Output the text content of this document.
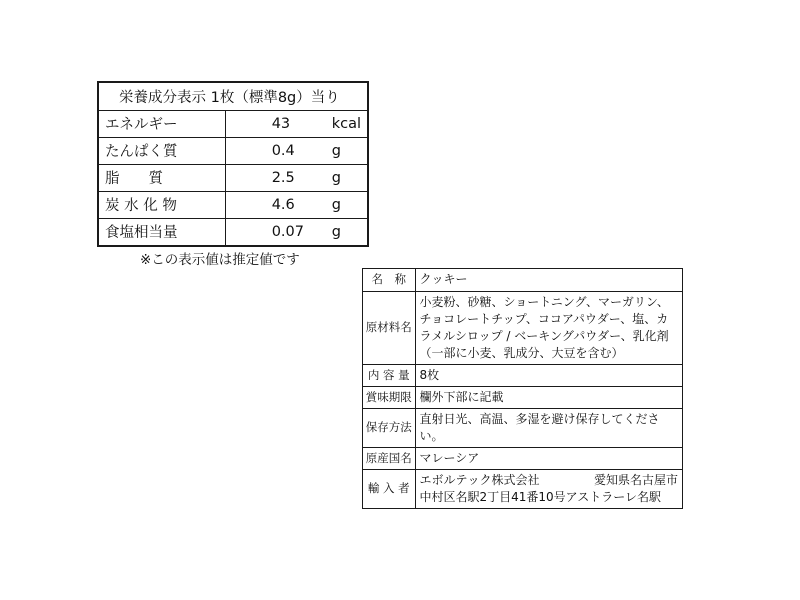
栄養成分表示 1枚（標準8g）当り	
エネルギー	43 kcal
たんぱく質	0.4 g
脂　　質	2.5 g
炭 水 化 物	4.6 g
食塩相当量	0.07 g
※この表示値は推定値です
名　称	クッキー
原材料名	小麦粉、砂糖、ショートニング、マーガリン、チョコレートチップ、ココアパウダー、塩、カラメルシロップ / ベーキングパウダー、乳化剤（一部に小麦、乳成分、大豆を含む）
内 容 量	8枚
賞味期限	欄外下部に記載
保存方法	直射日光、高温、多湿を避け保存してください。
原産国名	マレーシア
輸 入 者	エボルテック株式会社 愛知県名古屋市
中村区名駅2丁目41番10号アストラーレ名駅
